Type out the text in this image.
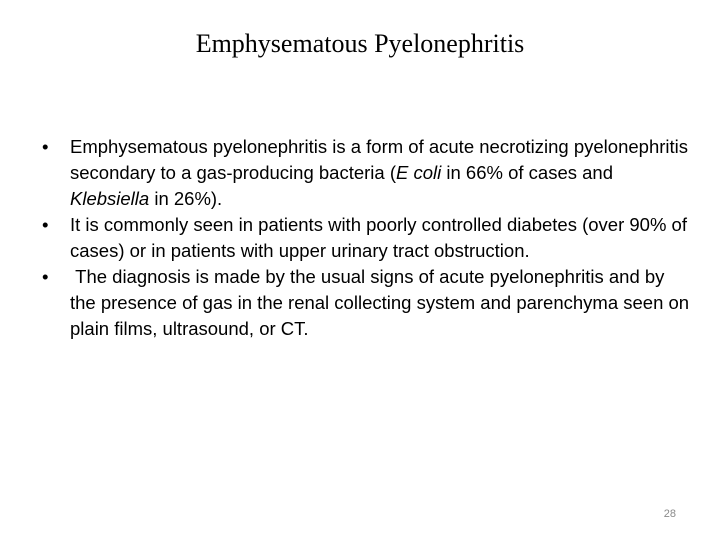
Emphysematous Pyelonephritis
•	Emphysematous pyelonephritis is a form of acute necrotizing pyelonephritis secondary to a gas-producing bacteria (E coli in 66% of cases and Klebsiella in 26%).
•	It is commonly seen in patients with poorly controlled diabetes (over 90% of cases) or in patients with upper urinary tract obstruction.
•	The diagnosis is made by the usual signs of acute pyelonephritis and by the presence of gas in the renal collecting system and parenchyma seen on plain films, ultrasound, or CT.
28
